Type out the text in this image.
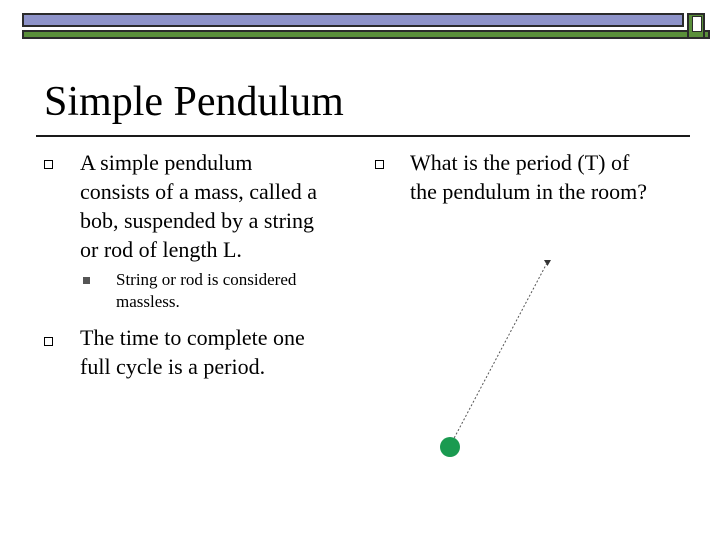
Simple Pendulum
A simple pendulum
consists of a mass, called a
bob, suspended by a string
or rod of length L.
String or rod is considered
massless.
The time to complete one
full cycle is a period.
What is the period (T) of
the pendulum in the room?
